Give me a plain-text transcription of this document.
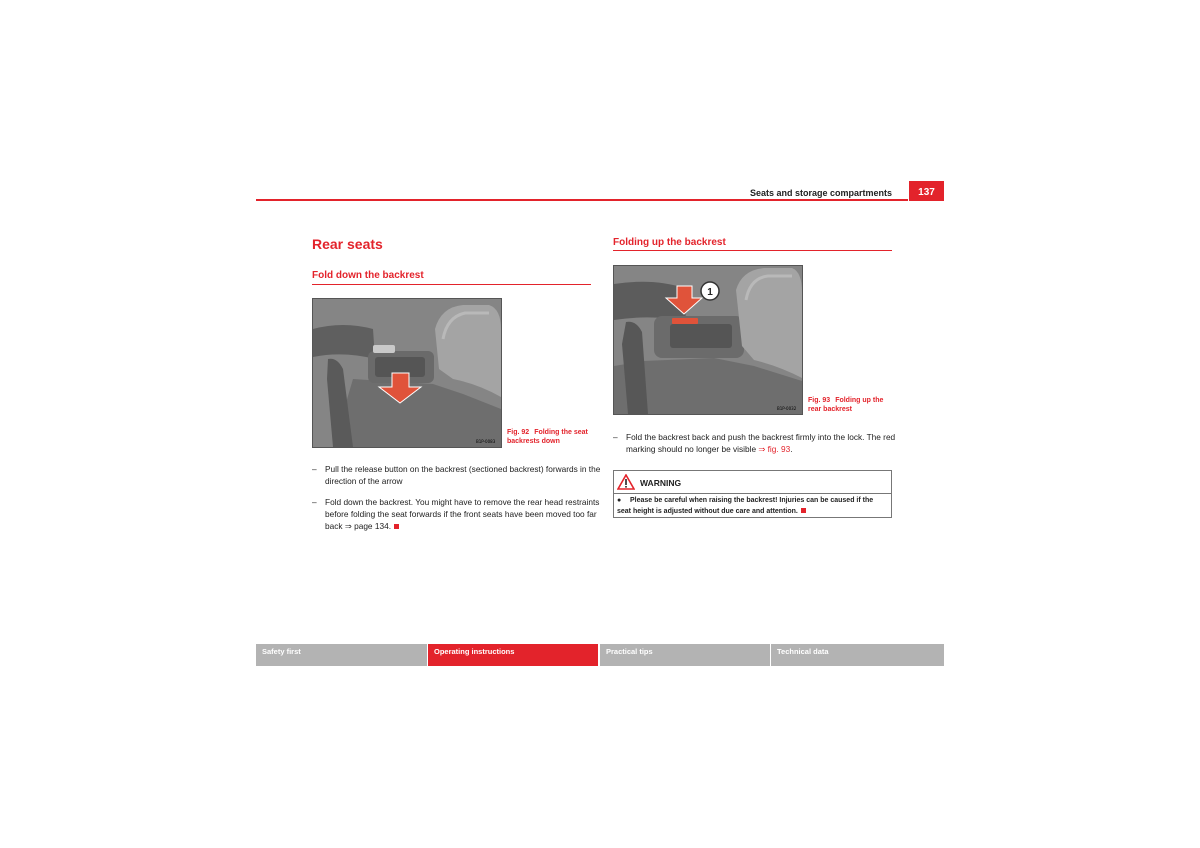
Seats and storage compartments	137
Rear seats
Fold down the backrest
B1P-0083
Fig. 92 Folding the seat backrests down
– Pull the release button on the backrest (sectioned backrest) forwards in the direction of the arrow
– Fold down the backrest. You might have to remove the rear head restraints before folding the seat forwards if the front seats have been moved too far back ⇒ page 134.
Folding up the backrest
1
B1P-0032
Fig. 93 Folding up the rear backrest
– Fold the backrest back and push the backrest firmly into the lock. The red marking should no longer be visible ⇒ fig. 93.
WARNING
● Please be careful when raising the backrest! Injuries can be caused if the seat height is adjusted without due care and attention.
Safety first	Operating instructions	Practical tips	Technical data
